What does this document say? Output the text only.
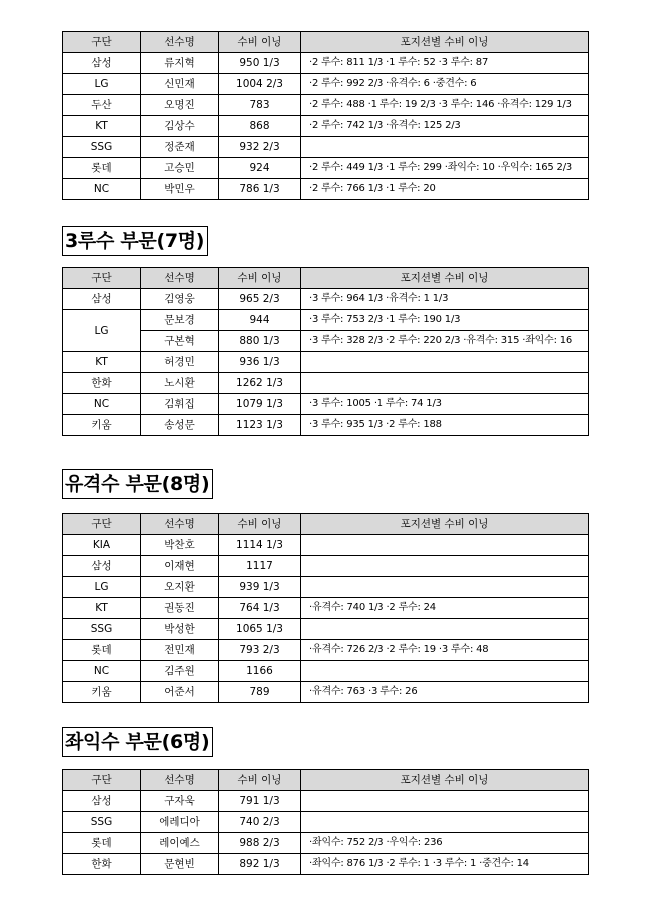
구단	선수명	수비 이닝	포지션별 수비 이닝
삼성	류지혁	950 1/3	·2 루수: 811 1/3 ·1 루수: 52 ·3 루수: 87
LG	신민재	1004 2/3	·2 루수: 992 2/3 ·유격수: 6 ·중견수: 6
두산	오명진	783	·2 루수: 488 ·1 루수: 19 2/3 ·3 루수: 146 ·유격수: 129 1/3
KT	김상수	868	·2 루수: 742 1/3 ·유격수: 125 2/3
SSG	정준재	932 2/3	
롯데	고승민	924	·2 루수: 449 1/3 ·1 루수: 299 ·좌익수: 10 ·우익수: 165 2/3
NC	박민우	786 1/3	·2 루수: 766 1/3 ·1 루수: 20
3루수 부문(7명)
구단	선수명	수비 이닝	포지션별 수비 이닝
삼성	김영웅	965 2/3	·3 루수: 964 1/3 ·유격수: 1 1/3
LG	문보경	944	·3 루수: 753 2/3 ·1 루수: 190 1/3
	구본혁	880 1/3	·3 루수: 328 2/3 ·2 루수: 220 2/3 ·유격수: 315 ·좌익수: 16
KT	허경민	936 1/3	
한화	노시환	1262 1/3	
NC	김휘집	1079 1/3	·3 루수: 1005 ·1 루수: 74 1/3
키움	송성문	1123 1/3	·3 루수: 935 1/3 ·2 루수: 188
유격수 부문(8명)
구단	선수명	수비 이닝	포지션별 수비 이닝
KIA	박찬호	1114 1/3	
삼성	이재현	1117	
LG	오지환	939 1/3	
KT	권동진	764 1/3	·유격수: 740 1/3 ·2 루수: 24
SSG	박성한	1065 1/3	
롯데	전민재	793 2/3	·유격수: 726 2/3 ·2 루수: 19 ·3 루수: 48
NC	김주원	1166	
키움	어준서	789	·유격수: 763 ·3 루수: 26
좌익수 부문(6명)
구단	선수명	수비 이닝	포지션별 수비 이닝
삼성	구자욱	791 1/3	
SSG	에레디아	740 2/3	
롯데	레이예스	988 2/3	·좌익수: 752 2/3 ·우익수: 236
한화	문현빈	892 1/3	·좌익수: 876 1/3 ·2 루수: 1 ·3 루수: 1 ·중견수: 14
